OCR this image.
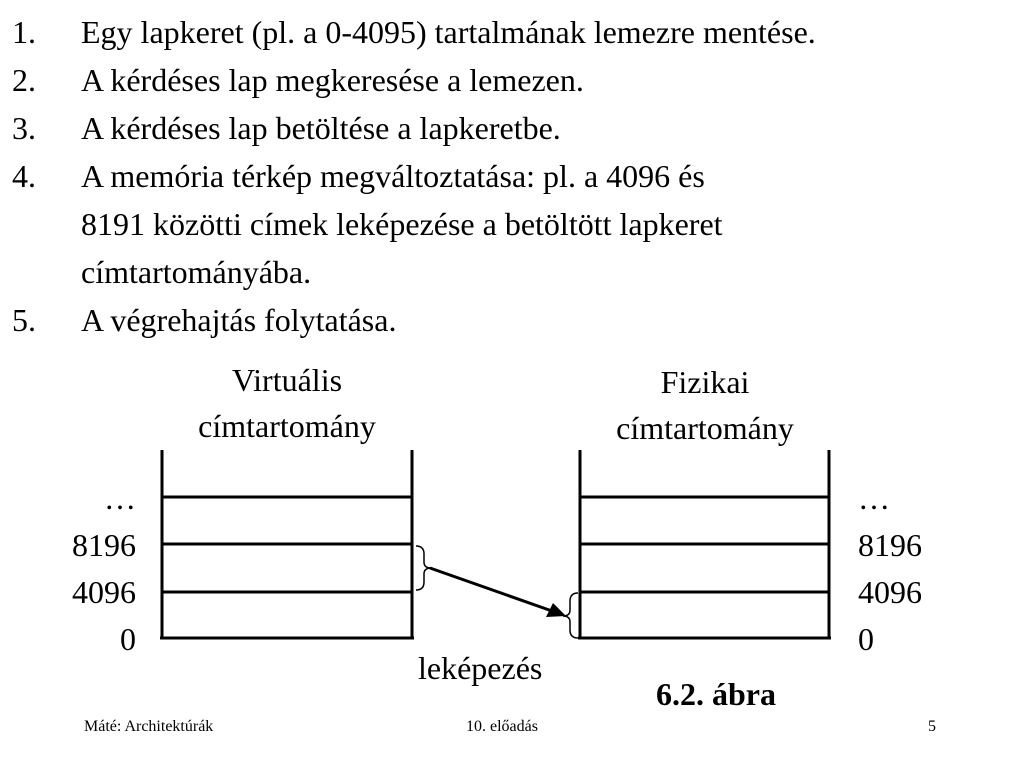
1.	Egy lapkeret (pl. a 0-4095) tartalmának lemezre mentése.
2.	A kérdéses lap megkeresése a lemezen.
3.	A kérdéses lap betöltése a lapkeretbe.
4.	A memória térkép megváltoztatása: pl. a 4096 és
8191 közötti címek leképezése a betöltött lapkeret
címtartományába.
5.	A végrehajtás folytatása.
Virtuális
címtartomány
Fizikai
címtartomány
…
8196
4096
0
…
8196
4096
0
leképezés
6.2. ábra
Máté: Architektúrák	10. előadás	5
